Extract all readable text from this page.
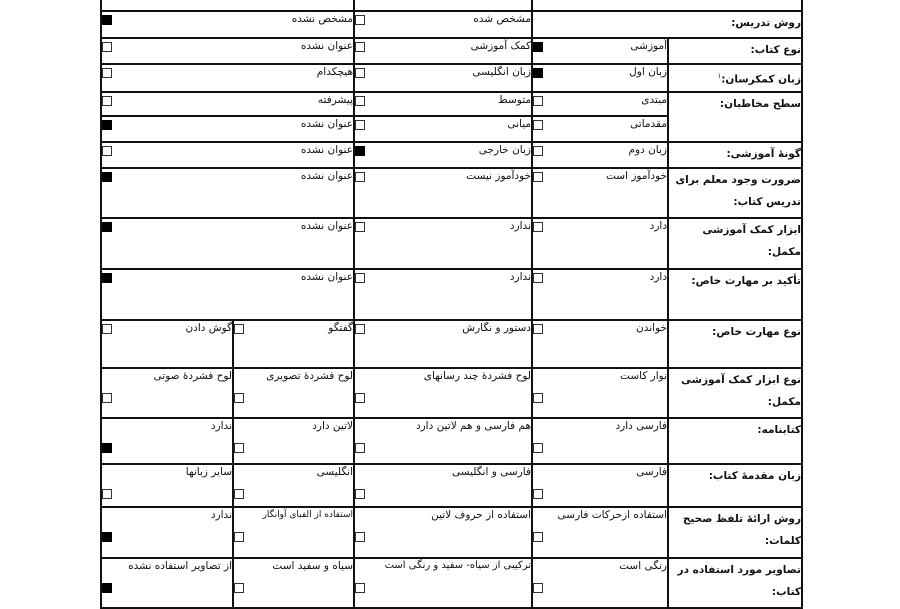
روش تدریس:		مشخص شده	مشخص نشده	

نوع کتاب:	آموزشی	کمک آموزشی	عنوان نشده	

زبان کمکرسان:$^۱$	زبان اول	زبان انگلیسی	هیچکدام	

سطح مخاطبان:	مبتدی	متوسط	پیشرفته	

	مقدماتی	میانی	عنوان نشده	

گونهٔ آموزشی:	زبان دوم	زبان خارجی	عنوان نشده	

ضرورت وجود معلم برای تدریس کتاب:	خودآموز است	خودآموز نیست	عنوان نشده	

ابزار کمک آموزشی مکمل:	دارد	ندارد	عنوان نشده	

تأکید بر مهارت خاص:	دارد	ندارد	عنوان نشده	

نوع مهارت خاص:	خواندن	دستور و نگارش	گفتگو	گوش دادن

نوع ابزار کمک آموزشی مکمل:	نوار کاست	لوح فشردهٔ چند رسانهای	لوح فشردهٔ تصویری	لوح فشردهٔ صوتی

کتابنامه:	فارسی دارد	هم فارسی و هم لاتین دارد	لاتین دارد	ندارد

زبان مقدمهٔ کتاب:	فارسی	فارسی و انگلیسی	انگلیسی	سایر زبانها

روش ارائهٔ تلفظ صحیح کلمات:	استفاده ازحرکات فارسی	استفاده از حروف لاتین	استفاده از الفبای آوانگار	ندارد

تصاویر مورد استفاده در کتاب:	رنگی است	ترکیبی از سیاه- سفید و رنگی است	سیاه و سفید است	از تصاویر استفاده نشده
